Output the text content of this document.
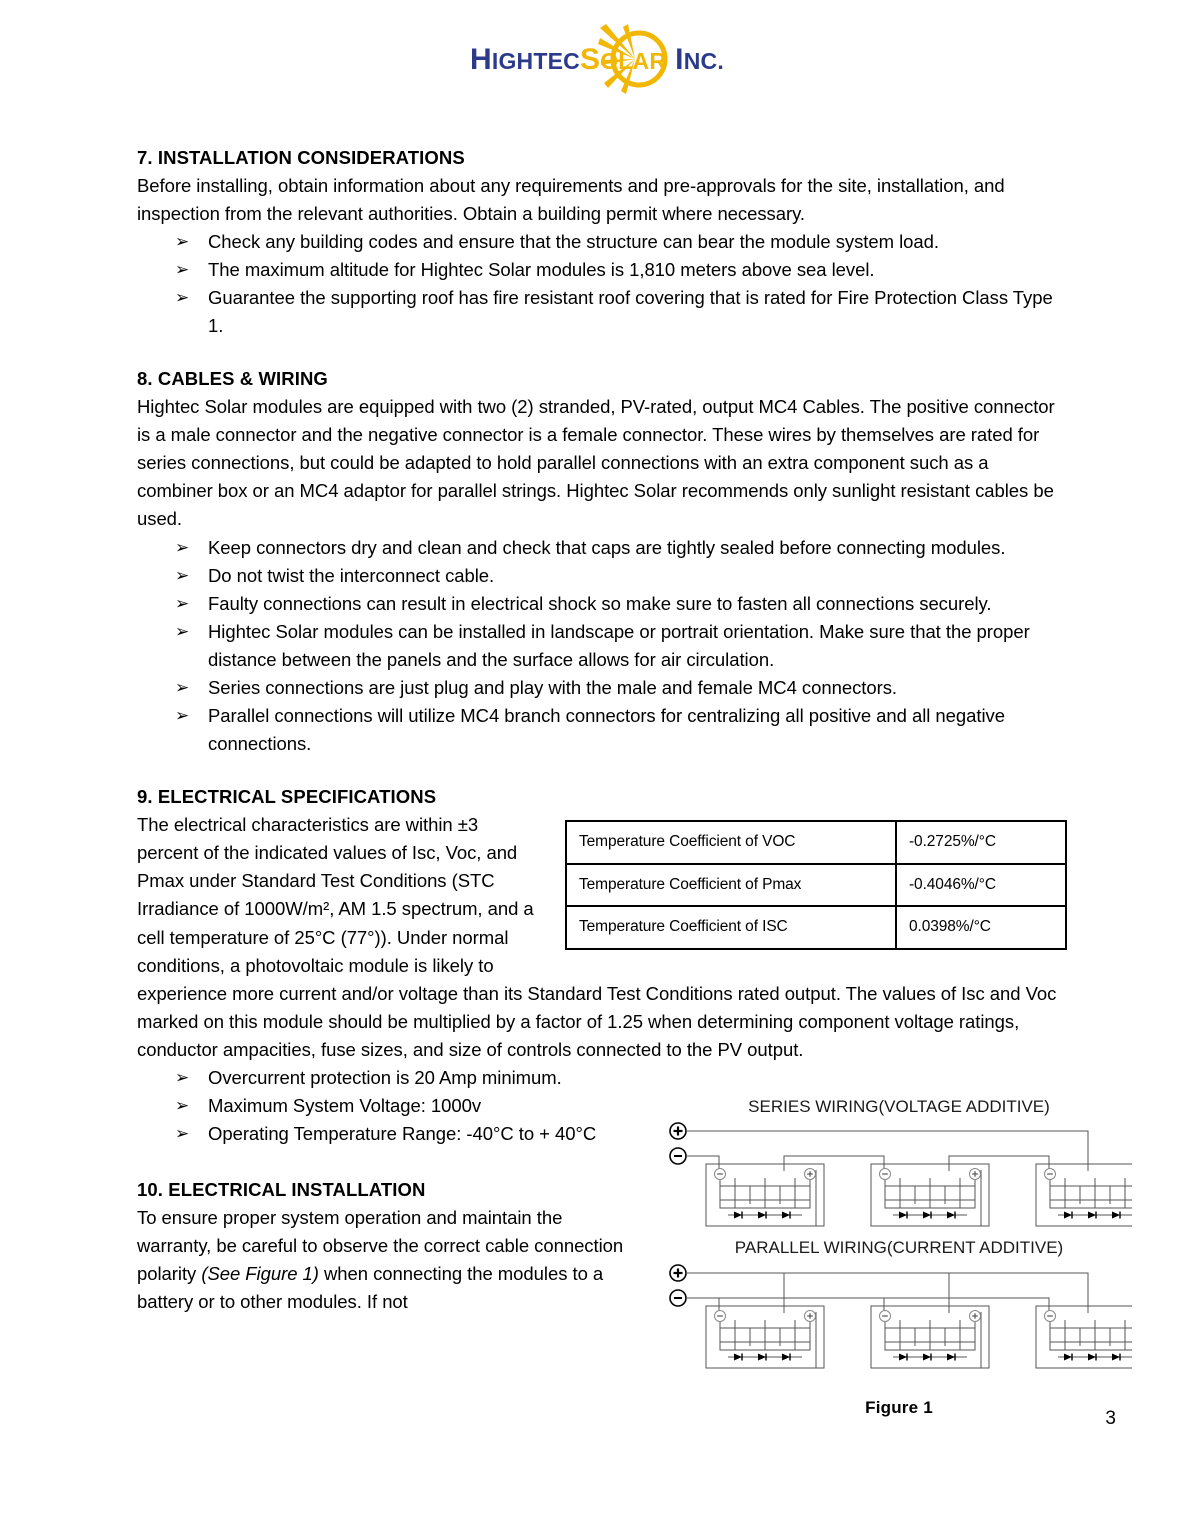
HIGHTECSOLAR INC.
7. INSTALLATION CONSIDERATIONS

Before installing, obtain information about any requirements and pre-approvals for the site, installation, and inspection from the relevant authorities. Obtain a building permit where necessary.

➢ Check any building codes and ensure that the structure can bear the module system load.
➢ The maximum altitude for Hightec Solar modules is 1,810 meters above sea level.
➢ Guarantee the supporting roof has fire resistant roof covering that is rated for Fire Protection Class Type 1.
8. CABLES & WIRING

Hightec Solar modules are equipped with two (2) stranded, PV-rated, output MC4 Cables. The positive connector is a male connector and the negative connector is a female connector. These wires by themselves are rated for series connections, but could be adapted to hold parallel connections with an extra component such as a combiner box or an MC4 adaptor for parallel strings. Hightec Solar recommends only sunlight resistant cables be used.

➢ Keep connectors dry and clean and check that caps are tightly sealed before connecting modules.
➢ Do not twist the interconnect cable.
➢ Faulty connections can result in electrical shock so make sure to fasten all connections securely.
➢ Hightec Solar modules can be installed in landscape or portrait orientation. Make sure that the proper distance between the panels and the surface allows for air circulation.
➢ Series connections are just plug and play with the male and female MC4 connectors.
➢ Parallel connections will utilize MC4 branch connectors for centralizing all positive and all negative connections.
9. ELECTRICAL SPECIFICATIONS
Temperature Coefficient of VOC	-0.2725%/°C
Temperature Coefficient of Pmax	-0.4046%/°C
Temperature Coefficient of ISC	0.0398%/°C

The electrical characteristics are within ±3 percent of the indicated values of Isc, Voc, and Pmax under Standard Test Conditions (STC Irradiance of 1000W/m², AM 1.5 spectrum, and a cell temperature of 25°C (77°)). Under normal conditions, a photovoltaic module is likely to experience more current and/or voltage than its Standard Test Conditions rated output. The values of Isc and Voc marked on this module should be multiplied by a factor of 1.25 when determining component voltage ratings, conductor ampacities, fuse sizes, and size of controls connected to the PV output.

➢ Overcurrent protection is 20 Amp minimum.
➢ Maximum System Voltage: 1000v
➢ Operating Temperature Range: -40°C to + 40°C
10. ELECTRICAL INSTALLATION

To ensure proper system operation and maintain the warranty, be careful to observe the correct cable connection polarity (See Figure 1) when connecting the modules to a battery or to other modules. If not

SERIES WIRING(VOLTAGE ADDITIVE)
PARALLEL WIRING(CURRENT ADDITIVE)
Figure 1
3
